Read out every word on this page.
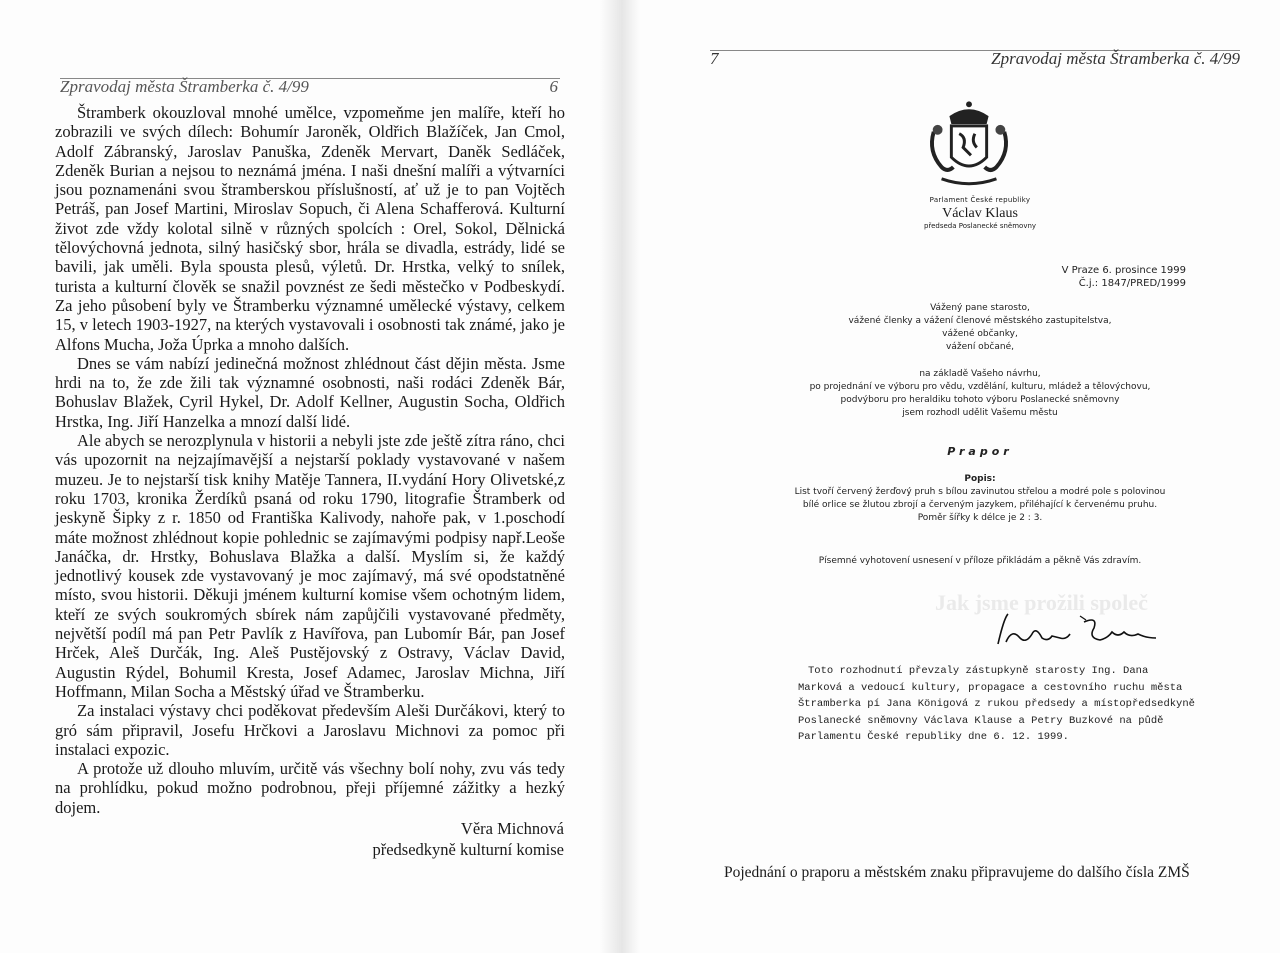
Zpravodaj města Štramberka č. 4/99	6

Štramberk okouzloval mnohé umělce, vzpomeňme jen malíře, kteří ho zobrazili ve svých dílech: Bohumír Jaroněk, Oldřich Blažíček, Jan Cmol, Adolf Zábranský, Jaroslav Panuška, Zdeněk Mervart, Daněk Sedláček, Zdeněk Burian a nejsou to neznámá jména. I naši dnešní malíři a výtvarníci jsou poznamenáni svou štramberskou příslušností, ať už je to pan Vojtěch Petráš, pan Josef Martini, Miroslav Sopuch, či Alena Schafferová. Kulturní život zde vždy kolotal silně v různých spolcích : Orel, Sokol, Dělnická tělovýchovná jednota, silný hasičský sbor, hrála se divadla, estrády, lidé se bavili, jak uměli. Byla spousta plesů, výletů. Dr. Hrstka, velký to snílek, turista a kulturní člověk se snažil povznést ze šedi městečko v Podbeskydí. Za jeho působení byly ve Štramberku významné umělecké výstavy, celkem 15, v letech 1903-1927, na kterých vystavovali i osobnosti tak známé, jako je Alfons Mucha, Joža Úprka a mnoho dalších.

Dnes se vám nabízí jedinečná možnost zhlédnout část dějin města. Jsme hrdi na to, že zde žili tak významné osobnosti, naši rodáci Zdeněk Bár, Bohuslav Blažek, Cyril Hykel, Dr. Adolf Kellner, Augustin Socha, Oldřich Hrstka, Ing. Jiří Hanzelka a mnozí další lidé.

Ale abych se nerozplynula v historii a nebyli jste zde ještě zítra ráno, chci vás upozornit na nejzajímavější a nejstarší poklady vystavované v našem muzeu. Je to nejstarší tisk knihy Matěje Tannera, II.vydání Hory Olivetské,z roku 1703, kronika Žerdíků psaná od roku 1790, litografie Štramberk od jeskyně Šipky z r. 1850 od Františka Kalivody, nahoře pak, v 1.poschodí máte možnost zhlédnout kopie pohlednic se zajímavými podpisy např.Leoše Janáčka, dr. Hrstky, Bohuslava Blažka a další. Myslím si, že každý jednotlivý kousek zde vystavovaný je moc zajímavý, má své opodstatněné místo, svou historii. Děkuji jménem kulturní komise všem ochotným lidem, kteří ze svých soukromých sbírek nám zapůjčili vystavované předměty, největší podíl má pan Petr Pavlík z Havířova, pan Lubomír Bár, pan Josef Hrček, Aleš Durčák, Ing. Aleš Pustějovský z Ostravy, Václav David, Augustin Rýdel, Bohumil Kresta, Josef Adamec, Jaroslav Michna, Jiří Hoffmann, Milan Socha a Městský úřad ve Štramberku.

Za instalaci výstavy chci poděkovat především Aleši Durčákovi, který to gró sám připravil, Josefu Hrčkovi a Jaroslavu Michnovi za pomoc při instalaci expozic.

A protože už dlouho mluvím, určitě vás všechny bolí nohy, zvu vás tedy na prohlídku, pokud možno podrobnou, přeji příjemné zážitky a hezký dojem.

Věra Michnová
předsedkyně kulturní komise
7	Zpravodaj města Štramberka č. 4/99
Jak jsme prožili společ
Parlament České republiky
Václav Klaus
předseda Poslanecké sněmovny
V Praze 6. prosince 1999
Č.j.: 1847/PRED/1999
Vážený pane starosto,
vážené členky a vážení členové městského zastupitelstva,
vážené občanky,
vážení občané,
na základě Vašeho návrhu,
po projednání ve výboru pro vědu, vzdělání, kulturu, mládež a tělovýchovu,
podvýboru pro heraldiku tohoto výboru Poslanecké sněmovny
jsem rozhodl udělit Vašemu městu
Prapor
Popis:
List tvoří červený žerďový pruh s bílou zavinutou střelou a modré pole s polovinou
bílé orlice se žlutou zbrojí a červeným jazykem, přiléhající k červenému pruhu.
Poměr šířky k délce je 2 : 3.
Písemné vyhotovení usnesení v příloze přikládám a pěkně Vás zdravím.
Toto rozhodnutí převzaly zástupkyně starosty Ing. Dana
Marková a vedoucí kultury, propagace a cestovního ruchu města
Štramberka pí Jana Königová z rukou předsedy a místopředsedkyně
Poslanecké sněmovny Václava Klause a Petry Buzkové na půdě
Parlamentu České republiky dne 6. 12. 1999.
Pojednání o praporu a městském znaku připravujeme do dalšího čísla ZMŠ
